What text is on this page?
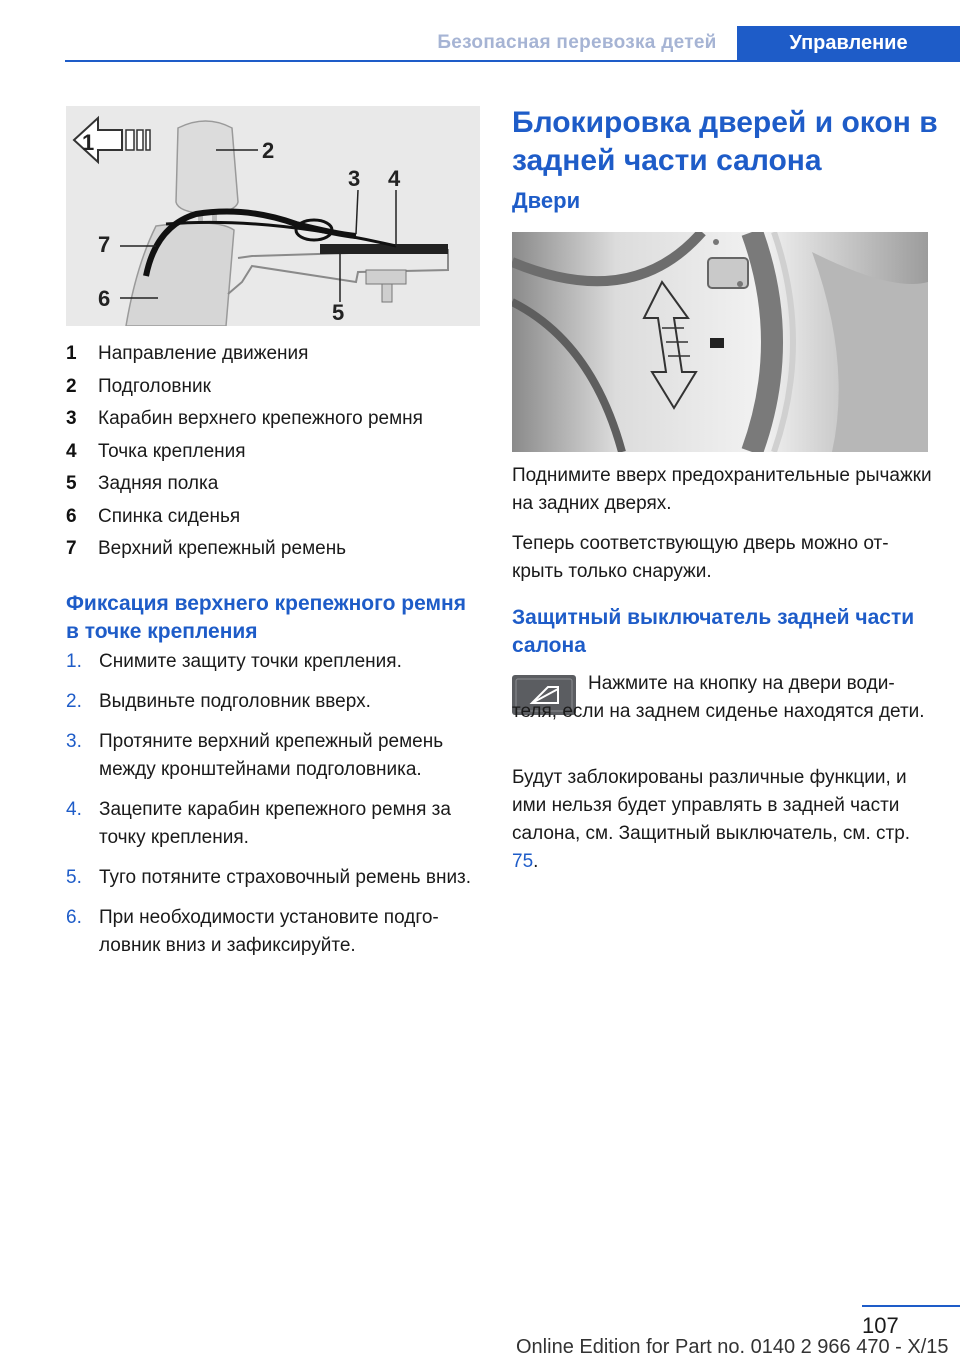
Безопасная перевозка детей	Управление
1	2
3 4
5
6
7
1	Направление движения
2	Подголовник
3	Карабин верхнего крепежного ремня
4	Точка крепления
5	Задняя полка
6	Спинка сиденья
7	Верхний крепежный ремень
Фиксация верхнего крепежного ремня в точке крепления
1. Снимите защиту точки крепления.
2. Выдвиньте подголовник вверх.
3. Протяните верхний крепежный ремень между кронштейнами подголовника.
4. Зацепите карабин крепежного ремня за точку крепления.
5. Туго потяните страховочный ремень вниз.
6. При необходимости установите подголовник вниз и зафиксируйте.
Блокировка дверей и окон в задней части салона
Двери
Поднимите вверх предохранительные рычажки на задних дверях.
Теперь соответствующую дверь можно открыть только снаружи.
Защитный выключатель задней части салона
Нажмите на кнопку на двери водителя, если на заднем сиденье находятся дети.
Будут заблокированы различные функции, и ими нельзя будет управлять в задней части салона, см. Защитный выключатель, см. стр. 75.
107
Online Edition for Part no. 0140 2 966 470 - X/15
